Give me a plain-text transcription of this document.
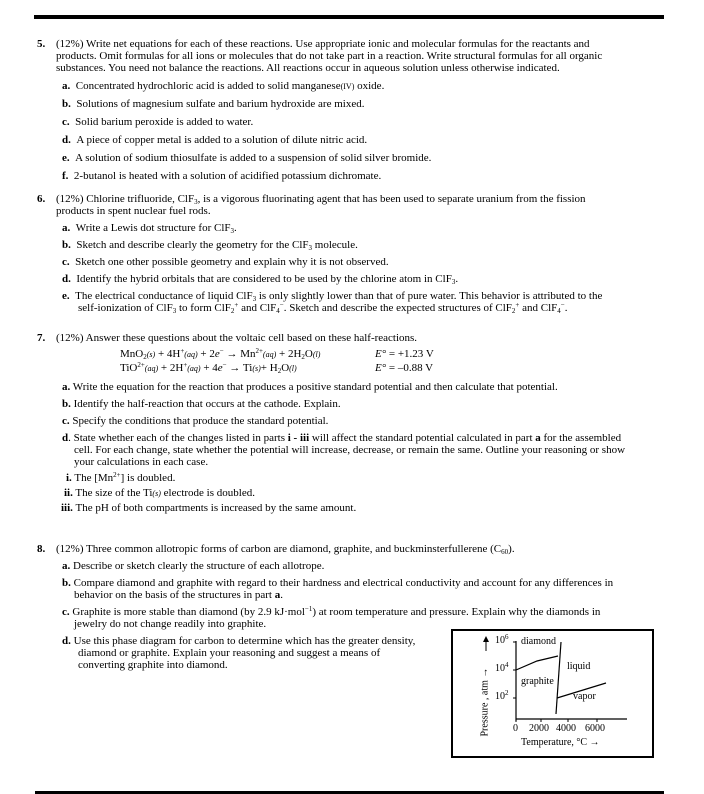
5. (12%) Write net equations for each of these reactions. Use appropriate ionic and molecular formulas for the reactants and
products. Omit formulas for all ions or molecules that do not take part in a reaction. Write structural formulas for all organic
substances. You need not balance the reactions. All reactions occur in aqueous solution unless otherwise indicated.
a. Concentrated hydrochloric acid is added to solid manganese(IV) oxide.
b. Solutions of magnesium sulfate and barium hydroxide are mixed.
c. Solid barium peroxide is added to water.
d. A piece of copper metal is added to a solution of dilute nitric acid.
e. A solution of sodium thiosulfate is added to a suspension of solid silver bromide.
f. 2-butanol is heated with a solution of acidified potassium dichromate.
6. (12%) Chlorine trifluoride, ClF$_3$, is a vigorous fluorinating agent that has been used to separate uranium from the fission
products in spent nuclear fuel rods.
a. Write a Lewis dot structure for ClF$_3$.
b. Sketch and describe clearly the geometry for the ClF$_3$ molecule.
c. Sketch one other possible geometry and explain why it is not observed.
d. Identify the hybrid orbitals that are considered to be used by the chlorine atom in ClF$_3$.
e. The electrical conductance of liquid ClF$_3$ is only slightly lower than that of pure water. This behavior is attributed to the
self-ionization of ClF$_3$ to form ClF$_2$+ and ClF$_4$−. Sketch and describe the expected structures of ClF$_2$+ and ClF$_4$−.
7. (12%) Answer these questions about the voltaic cell based on these half-reactions.
$MnO_2(s) + 4H^+(aq) + 2e^- \to Mn^{2+}(aq) + 2H_2O(l)$	E° = +1.23 V
$TiO^{2+}(aq) + 2H^+(aq) + 4e^- \to Ti(s)+ H_2O(l)$	E° = –0.88 V
a. Write the equation for the reaction that produces a positive standard potential and then calculate that potential.
b. Identify the half-reaction that occurs at the cathode. Explain.
c. Specify the conditions that produce the standard potential.
d. State whether each of the changes listed in parts i - iii will affect the standard potential calculated in part a for the assembled
cell. For each change, state whether the potential will increase, decrease, or remain the same. Outline your reasoning or show
your calculations in each case.
i. The $[Mn^{2+}]$ is doubled.
ii. The size of the Ti(s) electrode is doubled.
iii. The pH of both compartments is increased by the same amount.
8. (12%) Three common allotropic forms of carbon are diamond, graphite, and buckminsterfullerene $(C_{60})$.
a. Describe or sketch clearly the structure of each allotrope.
b. Compare diamond and graphite with regard to their hardness and electrical conductivity and account for any differences in
behavior on the basis of the structures in part a.
c. Graphite is more stable than diamond (by 2.9 kJ·mol$^{-1}$) at room temperature and pressure. Explain why the diamonds in
jewelry do not change readily into graphite.
d. Use this phase diagram for carbon to determine which has the greater density,
diamond or graphite. Explain your reasoning and suggest a means of
converting graphite into diamond.
$10^6$
$10^4$
$10^2$
diamond
graphite
liquid
vapor
0 2000 4000 6000
Temperature, °C →
Pressure , atm →
